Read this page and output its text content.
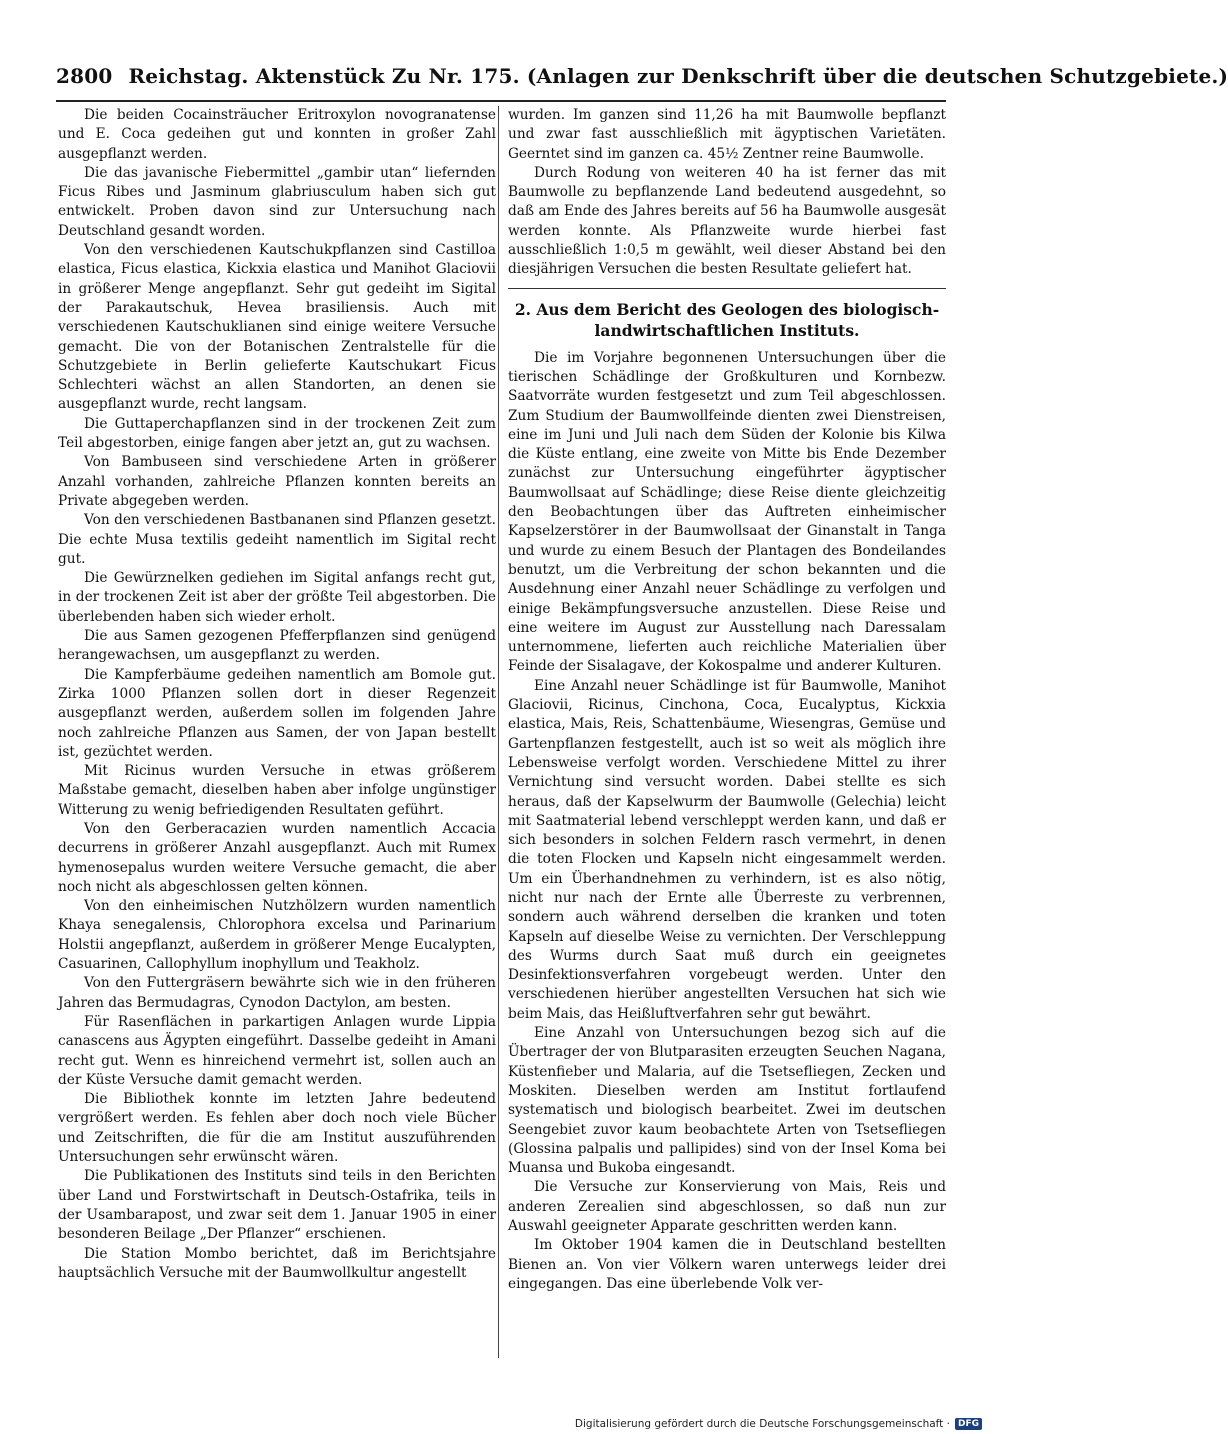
2800 Reichstag. Aktenstück Zu Nr. 175. (Anlagen zur Denkschrift über die deutschen Schutzgebiete.)

Die beiden Cocainsträucher Eritroxylon novogranatense und E. Coca gedeihen gut und konnten in großer Zahl ausgepflanzt werden.

Die das javanische Fiebermittel „gambir utan“ liefernden Ficus Ribes und Jasminum glabriusculum haben sich gut entwickelt. Proben davon sind zur Untersuchung nach Deutschland gesandt worden.

Von den verschiedenen Kautschukpflanzen sind Castilloa elastica, Ficus elastica, Kickxia elastica und Manihot Glaciovii in größerer Menge angepflanzt. Sehr gut gedeiht im Sigital der Parakautschuk, Hevea brasiliensis. Auch mit verschiedenen Kautschuklianen sind einige weitere Versuche gemacht. Die von der Botanischen Zentralstelle für die Schutzgebiete in Berlin gelieferte Kautschukart Ficus Schlechteri wächst an allen Standorten, an denen sie ausgepflanzt wurde, recht langsam.

Die Guttaperchapflanzen sind in der trockenen Zeit zum Teil abgestorben, einige fangen aber jetzt an, gut zu wachsen.

Von Bambuseen sind verschiedene Arten in größerer Anzahl vorhanden, zahlreiche Pflanzen konnten bereits an Private abgegeben werden.

Von den verschiedenen Bastbananen sind Pflanzen gesetzt. Die echte Musa textilis gedeiht namentlich im Sigital recht gut.

Die Gewürznelken gediehen im Sigital anfangs recht gut, in der trockenen Zeit ist aber der größte Teil abgestorben. Die überlebenden haben sich wieder erholt.

Die aus Samen gezogenen Pfefferpflanzen sind genügend herangewachsen, um ausgepflanzt zu werden.

Die Kampferbäume gedeihen namentlich am Bomole gut. Zirka 1000 Pflanzen sollen dort in dieser Regenzeit ausgepflanzt werden, außerdem sollen im folgenden Jahre noch zahlreiche Pflanzen aus Samen, der von Japan bestellt ist, gezüchtet werden.

Mit Ricinus wurden Versuche in etwas größerem Maßstabe gemacht, dieselben haben aber infolge ungünstiger Witterung zu wenig befriedigenden Resultaten geführt.

Von den Gerberacazien wurden namentlich Accacia decurrens in größerer Anzahl ausgepflanzt. Auch mit Rumex hymenosepalus wurden weitere Versuche gemacht, die aber noch nicht als abgeschlossen gelten können.

Von den einheimischen Nutzhölzern wurden namentlich Khaya senegalensis, Chlorophora excelsa und Parinarium Holstii angepflanzt, außerdem in größerer Menge Eucalypten, Casuarinen, Callophyllum inophyllum und Teakholz.

Von den Futtergräsern bewährte sich wie in den früheren Jahren das Bermudagras, Cynodon Dactylon, am besten.

Für Rasenflächen in parkartigen Anlagen wurde Lippia canascens aus Ägypten eingeführt. Dasselbe gedeiht in Amani recht gut. Wenn es hinreichend vermehrt ist, sollen auch an der Küste Versuche damit gemacht werden.

Die Bibliothek konnte im letzten Jahre bedeutend vergrößert werden. Es fehlen aber doch noch viele Bücher und Zeitschriften, die für die am Institut auszuführenden Untersuchungen sehr erwünscht wären.

Die Publikationen des Instituts sind teils in den Berichten über Land und Forstwirtschaft in Deutsch-Ostafrika, teils in der Usambarapost, und zwar seit dem 1. Januar 1905 in einer besonderen Beilage „Der Pflanzer“ erschienen.

Die Station Mombo berichtet, daß im Berichtsjahre hauptsächlich Versuche mit der Baumwollkultur angestellt

wurden. Im ganzen sind 11,26 ha mit Baumwolle bepflanzt und zwar fast ausschließlich mit ägyptischen Varietäten. Geerntet sind im ganzen ca. 45½ Zentner reine Baumwolle.

Durch Rodung von weiteren 40 ha ist ferner das mit Baumwolle zu bepflanzende Land bedeutend ausgedehnt, so daß am Ende des Jahres bereits auf 56 ha Baumwolle ausgesät werden konnte. Als Pflanzweite wurde hierbei fast ausschließlich 1:0,5 m gewählt, weil dieser Abstand bei den diesjährigen Versuchen die besten Resultate geliefert hat.

2. Aus dem Bericht des Geologen des biologisch-landwirtschaftlichen Instituts.

Die im Vorjahre begonnenen Untersuchungen über die tierischen Schädlinge der Großkulturen und Kornbezw. Saatvorräte wurden festgesetzt und zum Teil abgeschlossen. Zum Studium der Baumwollfeinde dienten zwei Dienstreisen, eine im Juni und Juli nach dem Süden der Kolonie bis Kilwa die Küste entlang, eine zweite von Mitte bis Ende Dezember zunächst zur Untersuchung eingeführter ägyptischer Baumwollsaat auf Schädlinge; diese Reise diente gleichzeitig den Beobachtungen über das Auftreten einheimischer Kapselzerstörer in der Baumwollsaat der Ginanstalt in Tanga und wurde zu einem Besuch der Plantagen des Bondeilandes benutzt, um die Verbreitung der schon bekannten und die Ausdehnung einer Anzahl neuer Schädlinge zu verfolgen und einige Bekämpfungsversuche anzustellen. Diese Reise und eine weitere im August zur Ausstellung nach Daressalam unternommene, lieferten auch reichliche Materialien über Feinde der Sisalagave, der Kokospalme und anderer Kulturen.

Eine Anzahl neuer Schädlinge ist für Baumwolle, Manihot Glaciovii, Ricinus, Cinchona, Coca, Eucalyptus, Kickxia elastica, Mais, Reis, Schattenbäume, Wiesengras, Gemüse und Gartenpflanzen festgestellt, auch ist so weit als möglich ihre Lebensweise verfolgt worden. Verschiedene Mittel zu ihrer Vernichtung sind versucht worden. Dabei stellte es sich heraus, daß der Kapselwurm der Baumwolle (Gelechia) leicht mit Saatmaterial lebend verschleppt werden kann, und daß er sich besonders in solchen Feldern rasch vermehrt, in denen die toten Flocken und Kapseln nicht eingesammelt werden. Um ein Überhandnehmen zu verhindern, ist es also nötig, nicht nur nach der Ernte alle Überreste zu verbrennen, sondern auch während derselben die kranken und toten Kapseln auf dieselbe Weise zu vernichten. Der Verschleppung des Wurms durch Saat muß durch ein geeignetes Desinfektionsverfahren vorgebeugt werden. Unter den verschiedenen hierüber angestellten Versuchen hat sich wie beim Mais, das Heißluftverfahren sehr gut bewährt.

Eine Anzahl von Untersuchungen bezog sich auf die Übertrager der von Blutparasiten erzeugten Seuchen Nagana, Küstenfieber und Malaria, auf die Tsetsefliegen, Zecken und Moskiten. Dieselben werden am Institut fortlaufend systematisch und biologisch bearbeitet. Zwei im deutschen Seengebiet zuvor kaum beobachtete Arten von Tsetsefliegen (Glossina palpalis und pallipides) sind von der Insel Koma bei Muansa und Bukoba eingesandt.

Die Versuche zur Konservierung von Mais, Reis und anderen Zerealien sind abgeschlossen, so daß nun zur Auswahl geeigneter Apparate geschritten werden kann.

Im Oktober 1904 kamen die in Deutschland bestellten Bienen an. Von vier Völkern waren unterwegs leider drei eingegangen. Das eine überlebende Volk ver-

Digitalisierung gefördert durch die Deutsche Forschungsgemeinschaft · DFG
